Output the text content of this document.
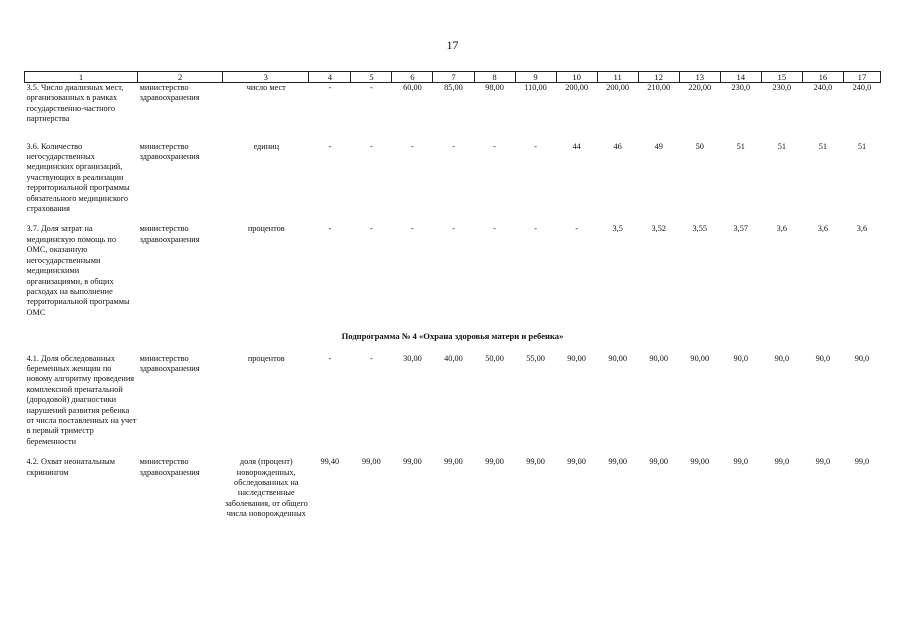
17
1	2	3	4	5	6	7	8	9	10	11	12	13	14	15	16	17
3.5. Число диализных мест, организованных в рамках государственно-частного партнерства	министерство здравоохранения	число мест	-	-	60,00	85,00	98,00	110,00	200,00	200,00	210,00	220,00	230,0	230,0	240,0	240,0
3.6. Количество негосударственных медицинских организаций, участвующих в реализации территориальной программы обязательного медицинского страхования	министерство здравоохранения	единиц	-	-	-	-	-	-	44	46	49	50	51	51	51	51
3.7. Доля затрат на медицинскую помощь по ОМС, оказанную негосударственными медицинскими организациями, в общих расходах на выполнение территориальной программы ОМС	министерство здравоохранения	процентов	-	-	-	-	-	-	-	3,5	3,52	3,55	3,57	3,6	3,6	3,6
Подпрограмма № 4 «Охрана здоровья матери и ребенка»																
4.1. Доля обследованных беременных женщин по новому алгоритму проведения комплексной пренатальной (дородовой) диагностики нарушений развития ребенка от числа поставленных на учет в первый триместр беременности	министерство здравоохранения	процентов	-	-	30,00	40,00	50,00	55,00	90,00	90,00	90,00	90,00	90,0	90,0	90,0	90,0
4.2. Охват неонатальным скринингом	министерство здравоохранения	доля (процент) новорожденных, обследованных на наследственные заболевания, от общего числа новорожденных	99,40	99,00	99,00	99,00	99,00	99,00	99,00	99,00	99,00	99,00	99,0	99,0	99,0	99,0
